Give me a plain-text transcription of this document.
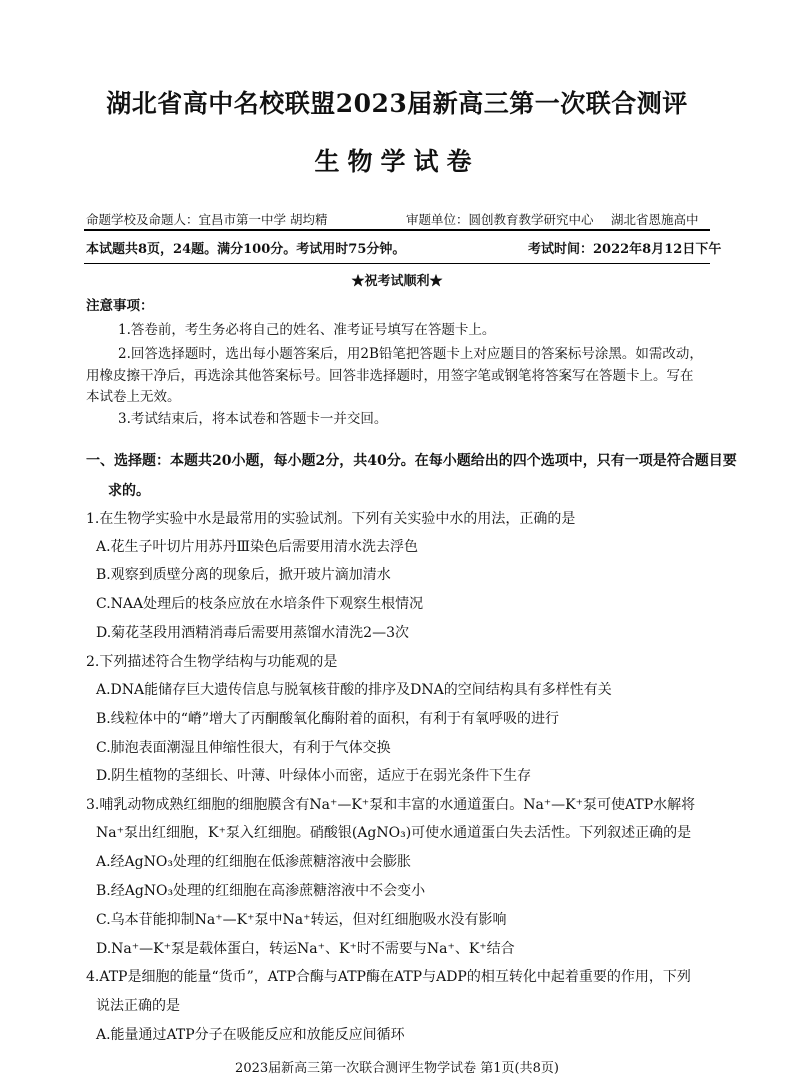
湖北省高中名校联盟2023届新高三第一次联合测评
生物学试卷
命题学校及命题人：宜昌市第一中学 胡均精	审题单位：圆创教育教学研究中心 湖北省恩施高中
本试题共8页，24题。满分100分。考试用时75分钟。	考试时间：2022年8月12日下午
★祝考试顺利★
注意事项：
1.答卷前，考生务必将自己的姓名、准考证号填写在答题卡上。
2.回答选择题时，选出每小题答案后，用2B铅笔把答题卡上对应题目的答案标号涂黑。如需改动，
用橡皮擦干净后，再选涂其他答案标号。回答非选择题时，用签字笔或钢笔将答案写在答题卡上。写在
本试卷上无效。
3.考试结束后，将本试卷和答题卡一并交回。
一、选择题：本题共20小题，每小题2分，共40分。在每小题给出的四个选项中，只有一项是符合题目要
求的。
1.在生物学实验中水是最常用的实验试剂。下列有关实验中水的用法，正确的是
A.花生子叶切片用苏丹Ⅲ染色后需要用清水洗去浮色
B.观察到质壁分离的现象后，掀开玻片滴加清水
C.NAA处理后的枝条应放在水培条件下观察生根情况
D.菊花茎段用酒精消毒后需要用蒸馏水清洗2—3次
2.下列描述符合生物学结构与功能观的是
A.DNA能储存巨大遗传信息与脱氧核苷酸的排序及DNA的空间结构具有多样性有关
B.线粒体中的“嵴”增大了丙酮酸氧化酶附着的面积，有利于有氧呼吸的进行
C.肺泡表面潮湿且伸缩性很大，有利于气体交换
D.阴生植物的茎细长、叶薄、叶绿体小而密，适应于在弱光条件下生存
3.哺乳动物成熟红细胞的细胞膜含有Na⁺—K⁺泵和丰富的水通道蛋白。Na⁺—K⁺泵可使ATP水解将
Na⁺泵出红细胞，K⁺泵入红细胞。硝酸银(AgNO₃)可使水通道蛋白失去活性。下列叙述正确的是
A.经AgNO₃处理的红细胞在低渗蔗糖溶液中会膨胀
B.经AgNO₃处理的红细胞在高渗蔗糖溶液中不会变小
C.乌本苷能抑制Na⁺—K⁺泵中Na⁺转运，但对红细胞吸水没有影响
D.Na⁺—K⁺泵是载体蛋白，转运Na⁺、K⁺时不需要与Na⁺、K⁺结合
4.ATP是细胞的能量“货币”，ATP合酶与ATP酶在ATP与ADP的相互转化中起着重要的作用，下列
说法正确的是
A.能量通过ATP分子在吸能反应和放能反应间循环
2023届新高三第一次联合测评生物学试卷 第1页(共8页)
